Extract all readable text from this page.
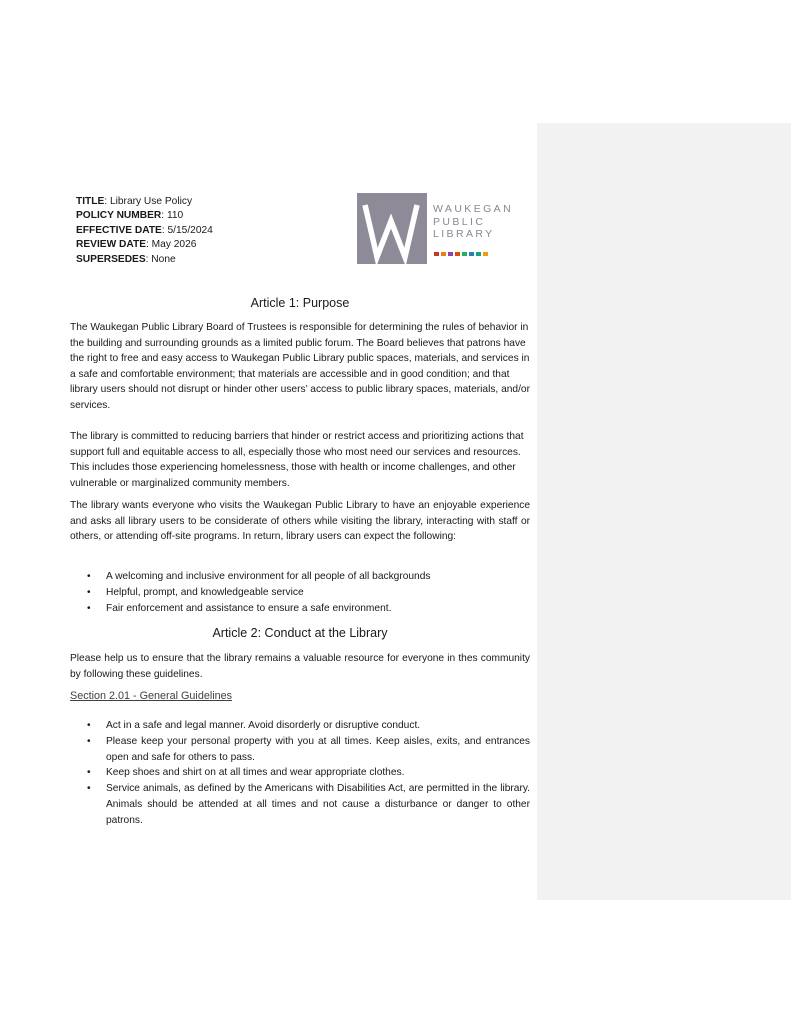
TITLE: Library Use Policy
POLICY NUMBER: 110
EFFECTIVE DATE: 5/15/2024
REVIEW DATE: May 2026
SUPERSEDES: None
WAUKEGAN
PUBLIC
LIBRARY
Article 1: Purpose
The Waukegan Public Library Board of Trustees is responsible for determining the rules of behavior in the building and surrounding grounds as a limited public forum. The Board believes that patrons have the right to free and easy access to Waukegan Public Library public spaces, materials, and services in a safe and comfortable environment; that materials are accessible and in good condition; and that library users should not disrupt or hinder other users’ access to public library spaces, materials, and/or services.
The library is committed to reducing barriers that hinder or restrict access and prioritizing actions that support full and equitable access to all, especially those who most need our services and resources. This includes those experiencing homelessness, those with health or income challenges, and other vulnerable or marginalized community members.
The library wants everyone who visits the Waukegan Public Library to have an enjoyable experience and asks all library users to be considerate of others while visiting the library, interacting with staff or others, or attending off-site programs. In return, library users can expect the following:
• A welcoming and inclusive environment for all people of all backgrounds
• Helpful, prompt, and knowledgeable service
• Fair enforcement and assistance to ensure a safe environment.
Article 2: Conduct at the Library
Please help us to ensure that the library remains a valuable resource for everyone in thes community by following these guidelines.
Section 2.01 - General Guidelines
• Act in a safe and legal manner. Avoid disorderly or disruptive conduct.
• Please keep your personal property with you at all times. Keep aisles, exits, and entrances open and safe for others to pass.
• Keep shoes and shirt on at all times and wear appropriate clothes.
• Service animals, as defined by the Americans with Disabilities Act, are permitted in the library. Animals should be attended at all times and not cause a disturbance or danger to other patrons.
